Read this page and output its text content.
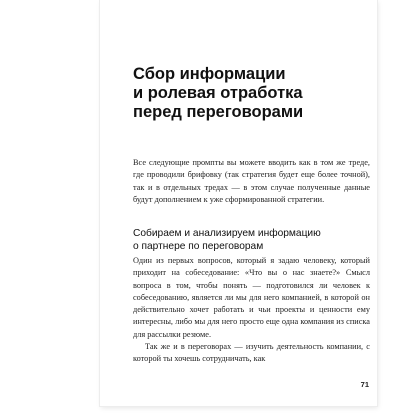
Сбор информации
и ролевая отработка
перед переговорами

Все следующие промпты вы можете вводить как в том же треде, где проводили брифовку (так стратегия будет еще более точной), так и в отдельных тредах — в этом случае полученные данные будут дополнением к уже сформированной стратегии.

Собираем и анализируем информацию
о партнере по переговорам

Один из первых вопросов, который я задаю человеку, который приходит на собеседование: «Что вы о нас знаете?» Смысл вопроса в том, чтобы понять — подготовился ли человек к собеседованию, является ли мы для него компанией, в которой он действительно хочет работать и чьи проекты и ценности ему интересны, либо мы для него просто еще одна компания из списка для рассылки резюме.

Так же и в переговорах — изучить деятельность компании, с которой ты хочешь сотрудничать, как

71
